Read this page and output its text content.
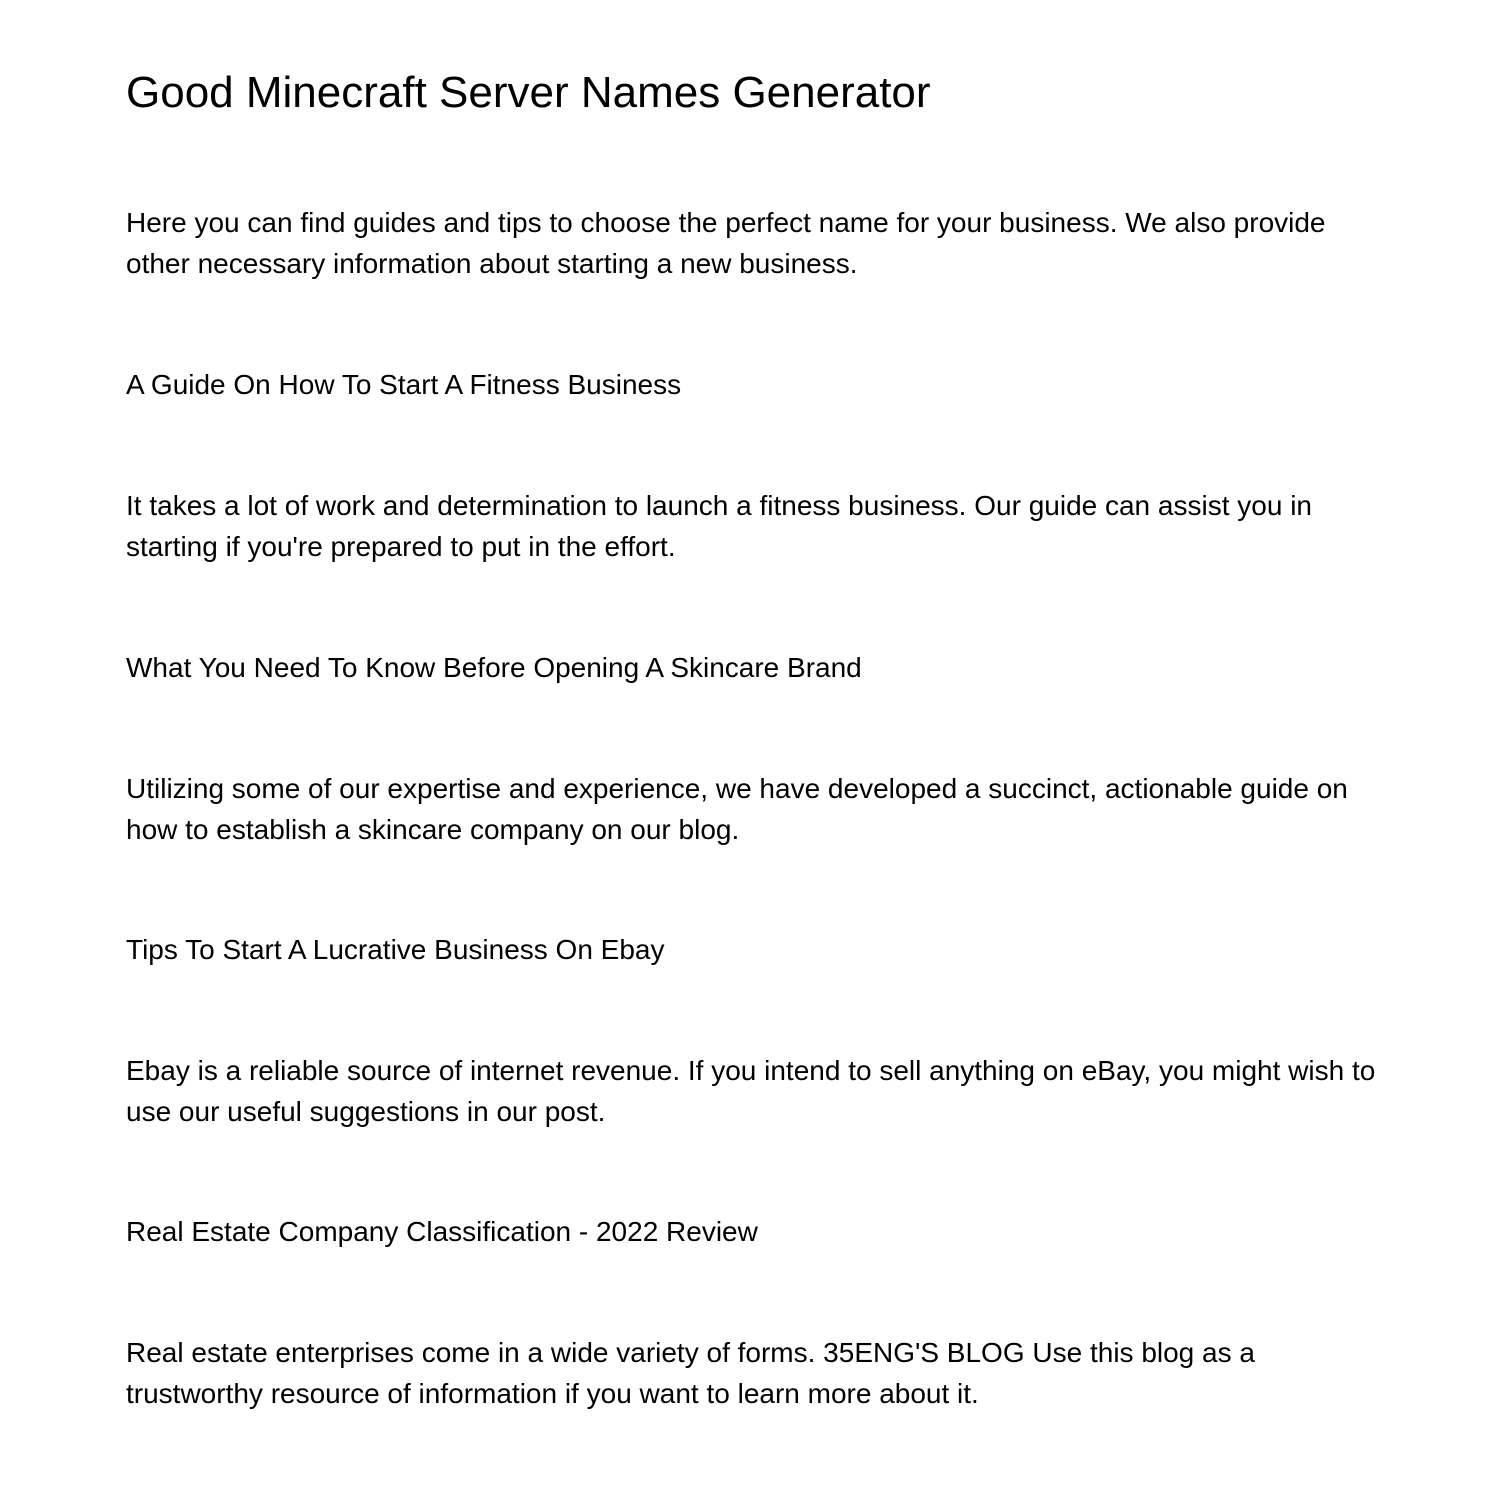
Good Minecraft Server Names Generator

Here you can find guides and tips to choose the perfect name for your business. We also provide other necessary information about starting a new business.

A Guide On How To Start A Fitness Business

It takes a lot of work and determination to launch a fitness business. Our guide can assist you in starting if you're prepared to put in the effort.

What You Need To Know Before Opening A Skincare Brand

Utilizing some of our expertise and experience, we have developed a succinct, actionable guide on how to establish a skincare company on our blog.

Tips To Start A Lucrative Business On Ebay

Ebay is a reliable source of internet revenue. If you intend to sell anything on eBay, you might wish to use our useful suggestions in our post.

Real Estate Company Classification - 2022 Review

Real estate enterprises come in a wide variety of forms. 35ENG'S BLOG Use this blog as a trustworthy resource of information if you want to learn more about it.
